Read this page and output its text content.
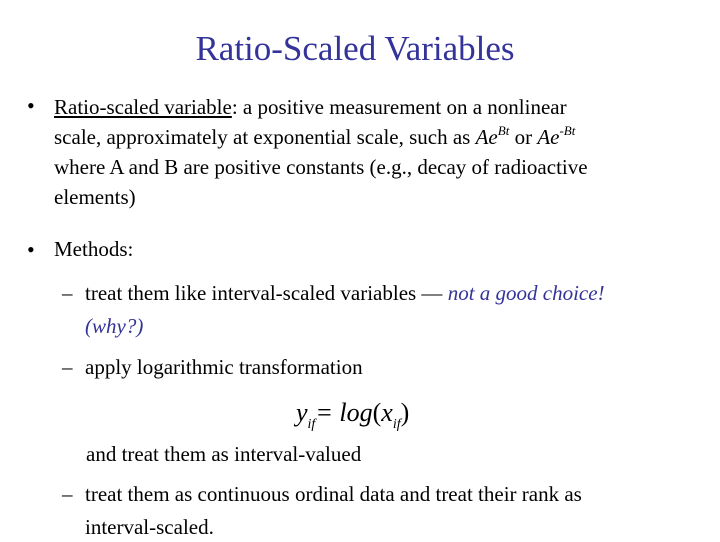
Ratio-Scaled Variables
• Ratio-scaled variable: a positive measurement on a nonlinear
scale, approximately at exponential scale, such as $Ae^{Bt}$ or $Ae^{-Bt}$
where A and B are positive constants (e.g., decay of radioactive
elements)
• Methods:
– treat them like interval-scaled variables — not a good choice!
(why?)
– apply logarithmic transformation
$y_{if}= \log(x_{if})$
and treat them as interval-valued
– treat them as continuous ordinal data and treat their rank as
interval-scaled.
